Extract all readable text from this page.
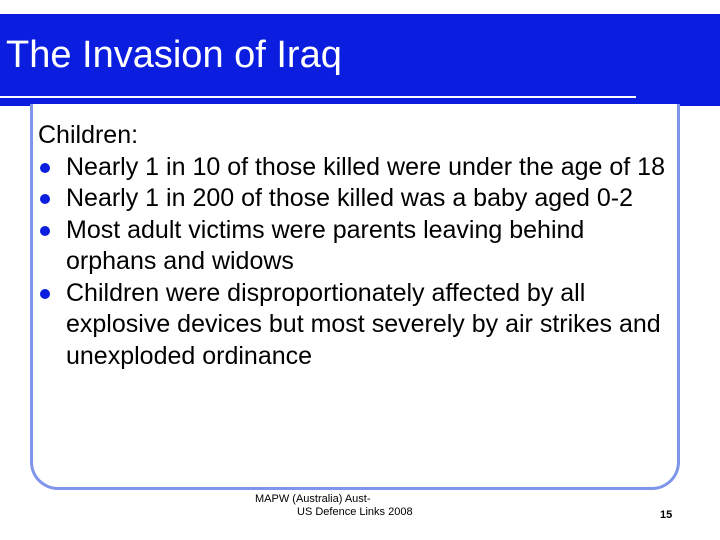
The Invasion of Iraq

Children:

Nearly 1 in 10 of those killed were under the age of 18
Nearly 1 in 200 of those killed was a baby aged 0-2
Most adult victims were parents leaving behind orphans and widows
Children were disproportionately affected by all explosive devices but most severely by air strikes and unexploded ordinance
MAPW (Australia) Aust-
US Defence Links 2008	15
